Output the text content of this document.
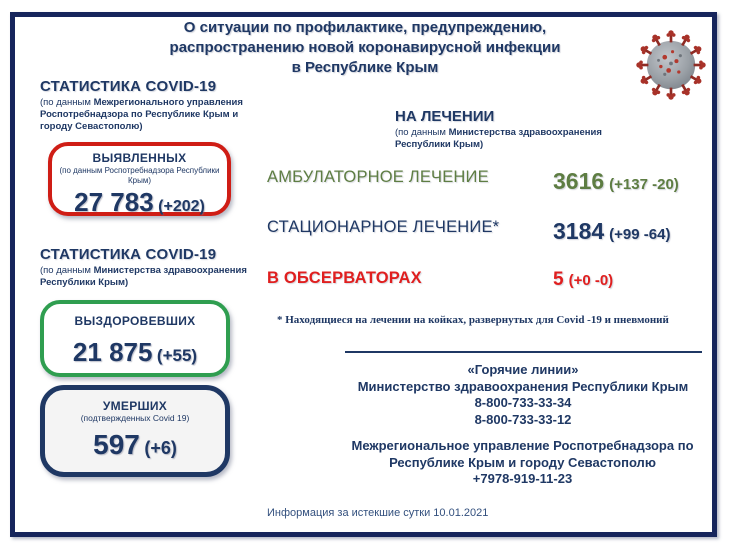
О ситуации по профилактике, предупреждению,
распространению новой коронавирусной инфекции
в Республике Крым
СТАТИСТИКА COVID-19
(по данным Межрегионального управления Роспотребнадзора по Республике Крым и городу Севастополю)
ВЫЯВЛЕННЫХ
(по данным Роспотребнадзора Республики Крым)
27 783 (+202)
СТАТИСТИКА COVID-19
(по данным Министерства здравоохранения Республики Крым)
ВЫЗДОРОВЕВШИХ
21 875 (+55)
УМЕРШИХ
(подтвержденных Covid 19)
597 (+6)
НА ЛЕЧЕНИИ
(по данным Министерства здравоохранения Республики Крым)
АМБУЛАТОРНОЕ ЛЕЧЕНИЕ	3616 (+137 -20)
СТАЦИОНАРНОЕ ЛЕЧЕНИЕ* 3184 (+99 -64)
В ОБСЕРВАТОРАХ	5 (+0 -0)
* Находящиеся на лечении на койках, развернутых для Covid -19 и пневмоний
«Горячие линии»
Министерство здравоохранения Республики Крым
8-800-733-33-34
8-800-733-33-12
Межрегиональное управление Роспотребнадзора по Республике Крым и городу Севастополю
+7978-919-11-23
Информация за истекшие сутки 10.01.2021
